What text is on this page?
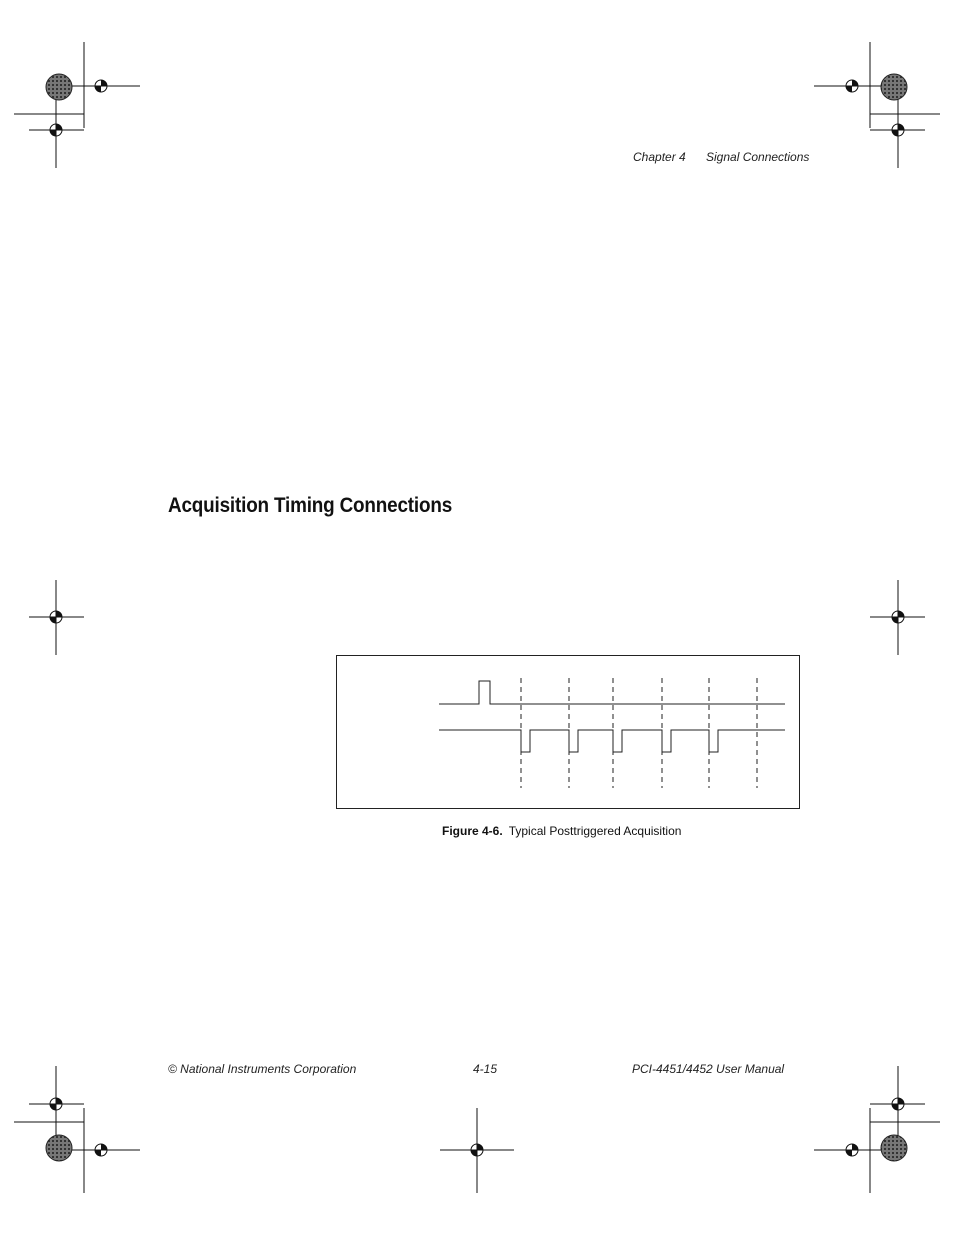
Chapter 4 Signal Connections
Acquisition Timing Connections
Figure 4-6. Typical Posttriggered Acquisition
© National Instruments Corporation	4-15	PCI-4451/4452 User Manual
